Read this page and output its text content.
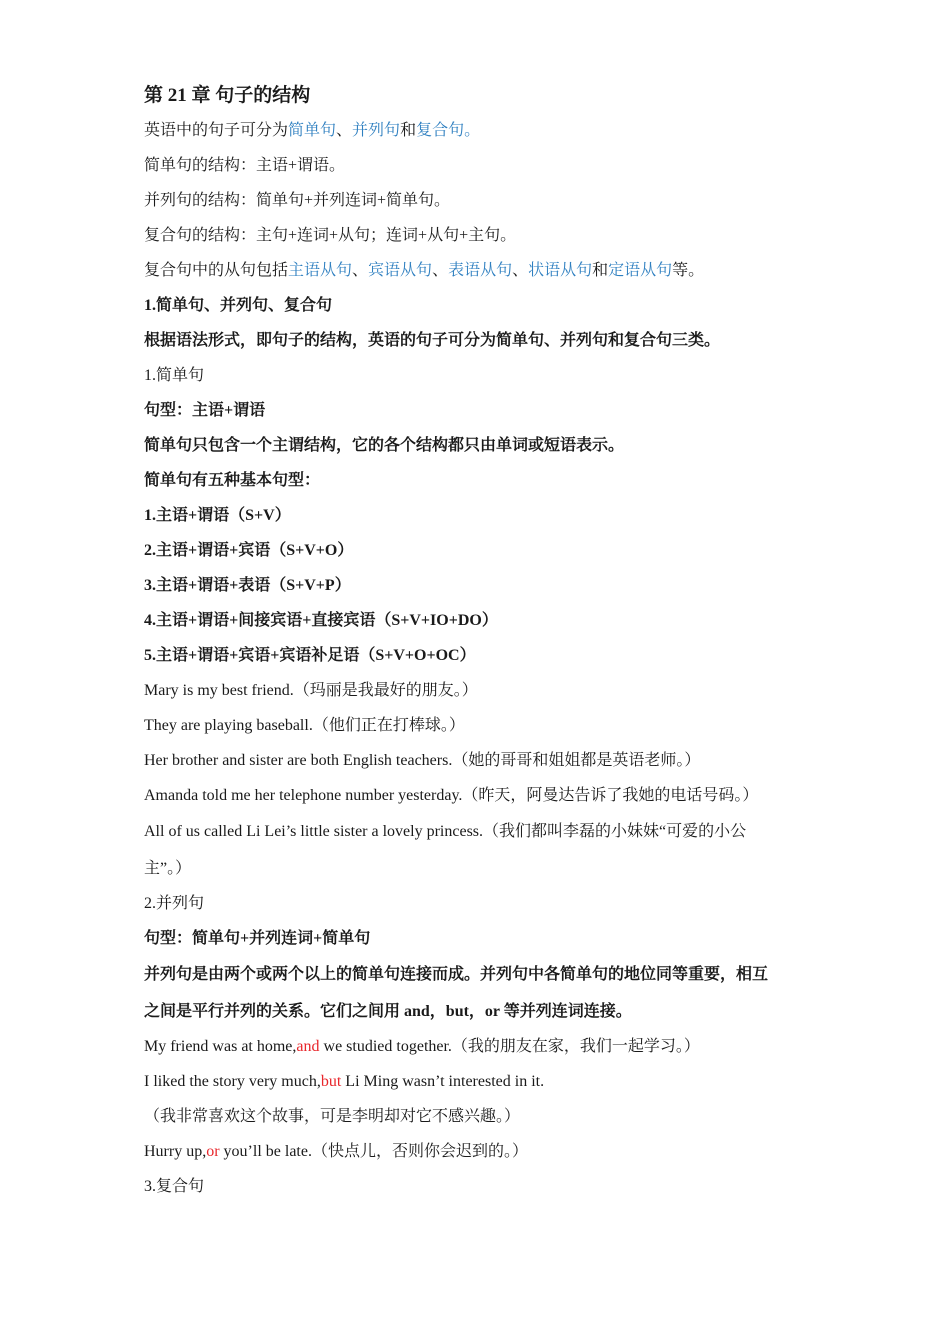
第 21 章 句子的结构
英语中的句子可分为简单句、并列句和复合句。
简单句的结构：主语+谓语。
并列句的结构：简单句+并列连词+简单句。
复合句的结构：主句+连词+从句；连词+从句+主句。
复合句中的从句包括主语从句、宾语从句、表语从句、状语从句和定语从句等。
1.简单句、并列句、复合句
根据语法形式，即句子的结构，英语的句子可分为简单句、并列句和复合句三类。
1.简单句
句型：主语+谓语
简单句只包含一个主谓结构，它的各个结构都只由单词或短语表示。
简单句有五种基本句型：
1.主语+谓语（S+V）
2.主语+谓语+宾语（S+V+O）
3.主语+谓语+表语（S+V+P）
4.主语+谓语+间接宾语+直接宾语（S+V+IO+DO）
5.主语+谓语+宾语+宾语补足语（S+V+O+OC）
Mary is my best friend.（玛丽是我最好的朋友。）
They are playing baseball.（他们正在打棒球。）
Her brother and sister are both English teachers.（她的哥哥和姐姐都是英语老师。）
Amanda told me her telephone number yesterday.（昨天，阿曼达告诉了我她的电话号码。）
All of us called Li Lei’s little sister a lovely princess.（我们都叫李磊的小妹妹“可爱的小公
主”。）
2.并列句
句型：简单句+并列连词+简单句
并列句是由两个或两个以上的简单句连接而成。并列句中各简单句的地位同等重要，相互
之间是平行并列的关系。它们之间用 and，but，or 等并列连词连接。
My friend was at home,and we studied together.（我的朋友在家，我们一起学习。）
I liked the story very much,but Li Ming wasn’t interested in it.
（我非常喜欢这个故事，可是李明却对它不感兴趣。）
Hurry up,or you’ll be late.（快点儿，否则你会迟到的。）
3.复合句
